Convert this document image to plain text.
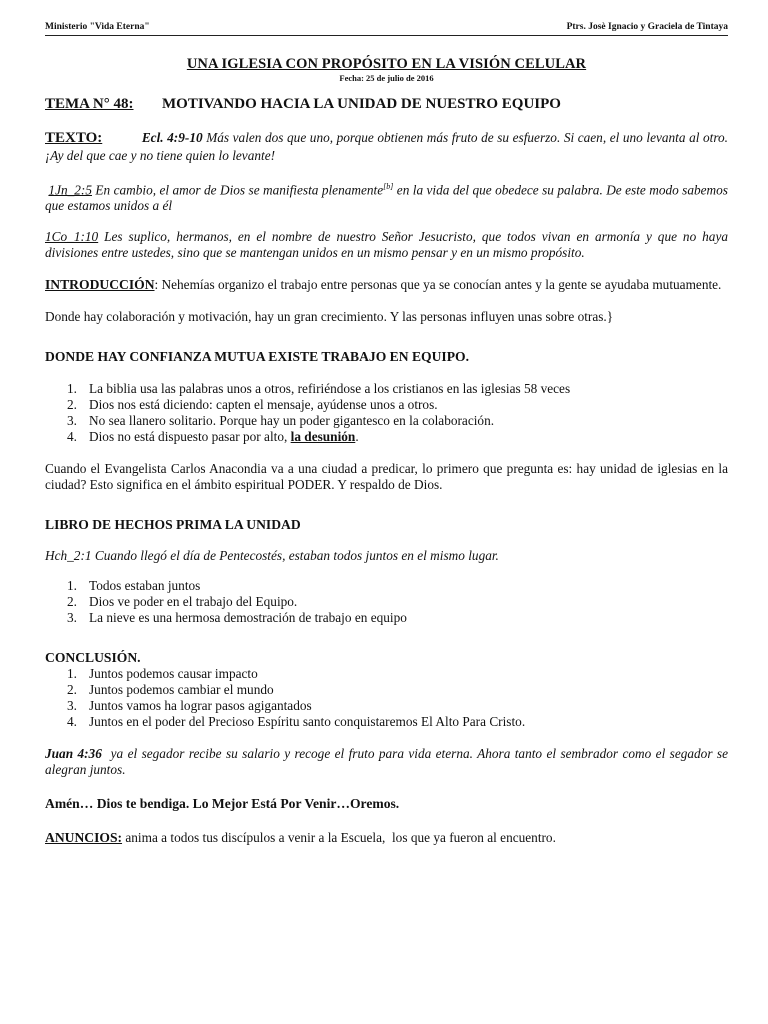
Ministerio "Vida Eterna"	Ptrs. Josè Ignacio y Graciela de Tintaya
UNA IGLESIA CON PROPÓSITO EN LA VISIÓN CELULAR
Fecha: 25 de julio de 2016
TEMA N° 48:	MOTIVANDO HACIA LA UNIDAD DE NUESTRO EQUIPO

TEXTO:	Ecl. 4:9-10 Más valen dos que uno, porque obtienen más fruto de su esfuerzo. Si caen, el uno levanta al otro. ¡Ay del que cae y no tiene quien lo levante!

1Jn_2:5 En cambio, el amor de Dios se manifiesta plenamente[b] en la vida del que obedece su palabra. De este modo sabemos que estamos unidos a él

1Co_1:10 Les suplico, hermanos, en el nombre de nuestro Señor Jesucristo, que todos vivan en armonía y que no haya divisiones entre ustedes, sino que se mantengan unidos en un mismo pensar y en un mismo propósito.

INTRODUCCIÓN: Nehemías organizo el trabajo entre personas que ya se conocían antes y la gente se ayudaba mutuamente.

Donde hay colaboración y motivación, hay un gran crecimiento. Y las personas influyen unas sobre otras.}

DONDE HAY CONFIANZA MUTUA EXISTE TRABAJO EN EQUIPO.
1. La biblia usa las palabras unos a otros, refiriéndose a los cristianos en las iglesias 58 veces
2. Dios nos está diciendo: capten el mensaje, ayúdense unos a otros.
3. No sea llanero solitario. Porque hay un poder gigantesco en la colaboración.
4. Dios no está dispuesto pasar por alto, la desunión.

Cuando el Evangelista Carlos Anacondia va a una ciudad a predicar, lo primero que pregunta es: hay unidad de iglesias en la ciudad? Esto significa en el ámbito espiritual PODER. Y respaldo de Dios.

LIBRO DE HECHOS PRIMA LA UNIDAD

Hch_2:1 Cuando llegó el día de Pentecostés, estaban todos juntos en el mismo lugar.

1. Todos estaban juntos
2. Dios ve poder en el trabajo del Equipo.
3. La nieve es una hermosa demostración de trabajo en equipo
CONCLUSIÓN.
1. Juntos podemos causar impacto
2. Juntos podemos cambiar el mundo
3. Juntos vamos ha lograr pasos agigantados
4. Juntos en el poder del Precioso Espíritu santo conquistaremos El Alto Para Cristo.

Juan 4:36  ya el segador recibe su salario y recoge el fruto para vida eterna. Ahora tanto el sembrador como el segador se alegran juntos.

Amén… Dios te bendiga. Lo Mejor Está Por Venir…Oremos.

ANUNCIOS: anima a todos tus discípulos a venir a la Escuela,  los que ya fueron al encuentro.
